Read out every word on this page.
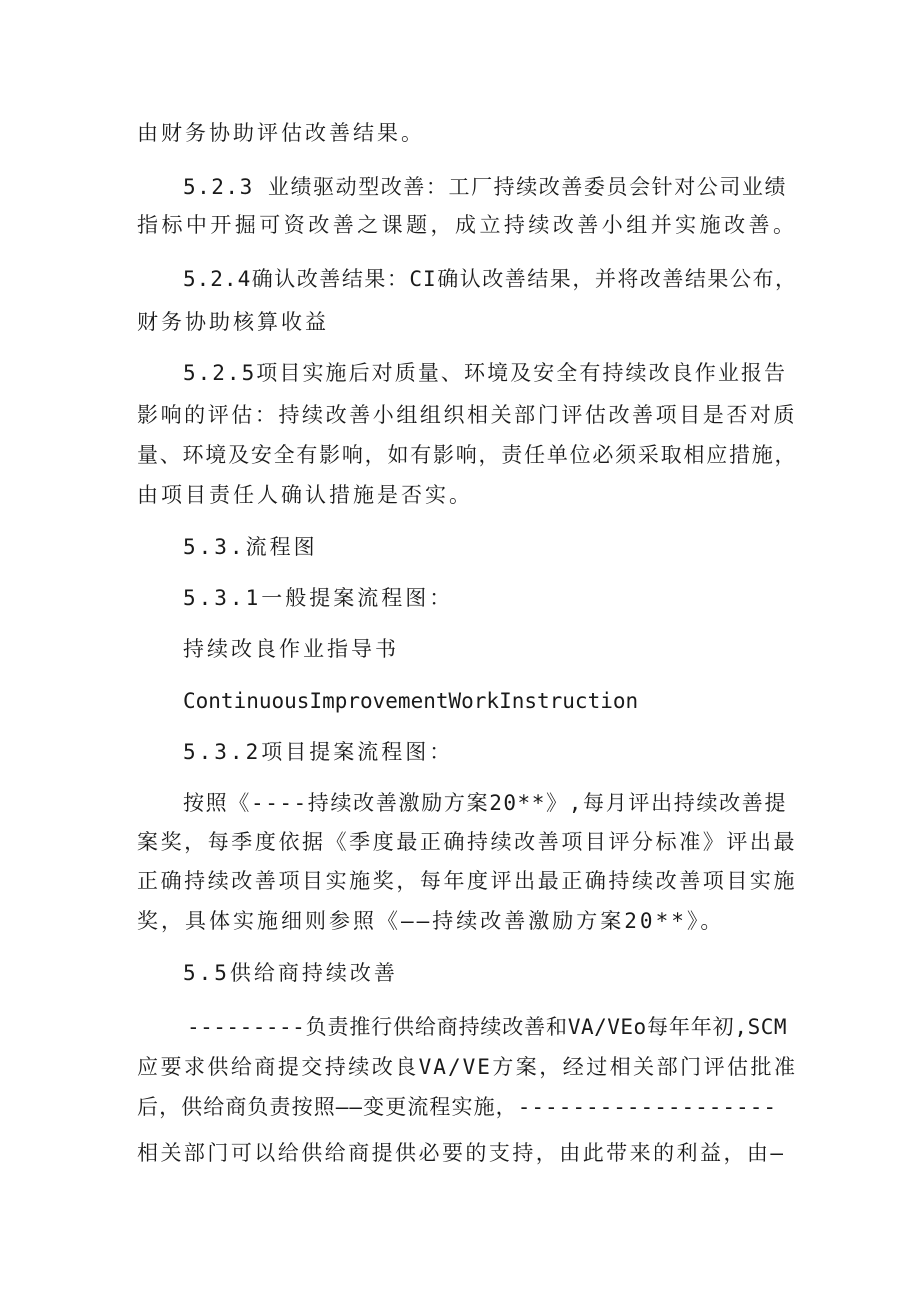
由财务协助评估改善结果。
5.2.3 业绩驱动型改善：工厂持续改善委员会针对公司业绩
指标中开掘可资改善之课题，成立持续改善小组并实施改善。
5.2.4确认改善结果：CI确认改善结果，并将改善结果公布，
财务协助核算收益
5.2.5项目实施后对质量、环境及安全有持续改良作业报告
影响的评估：持续改善小组组织相关部门评估改善项目是否对质
量、环境及安全有影响，如有影响，责任单位必须采取相应措施，
由项目责任人确认措施是否实。
5.3.流程图
5.3.1一般提案流程图：
持续改良作业指导书
ContinuousImprovementWorkInstruction
5.3.2项目提案流程图：
按照《----持续改善激励方案20**》,每月评出持续改善提
案奖，每季度依据《季度最正确持续改善项目评分标准》评出最
正确持续改善项目实施奖，每年度评出最正确持续改善项目实施
奖，具体实施细则参照《——持续改善激励方案20**》。
5.5供给商持续改善
---------负责推行供给商持续改善和VA/VEo每年年初,SCM
应要求供给商提交持续改良VA/VE方案，经过相关部门评估批准
后，供给商负责按照——变更流程实施，-------------------
相关部门可以给供给商提供必要的支持，由此带来的利益，由—
